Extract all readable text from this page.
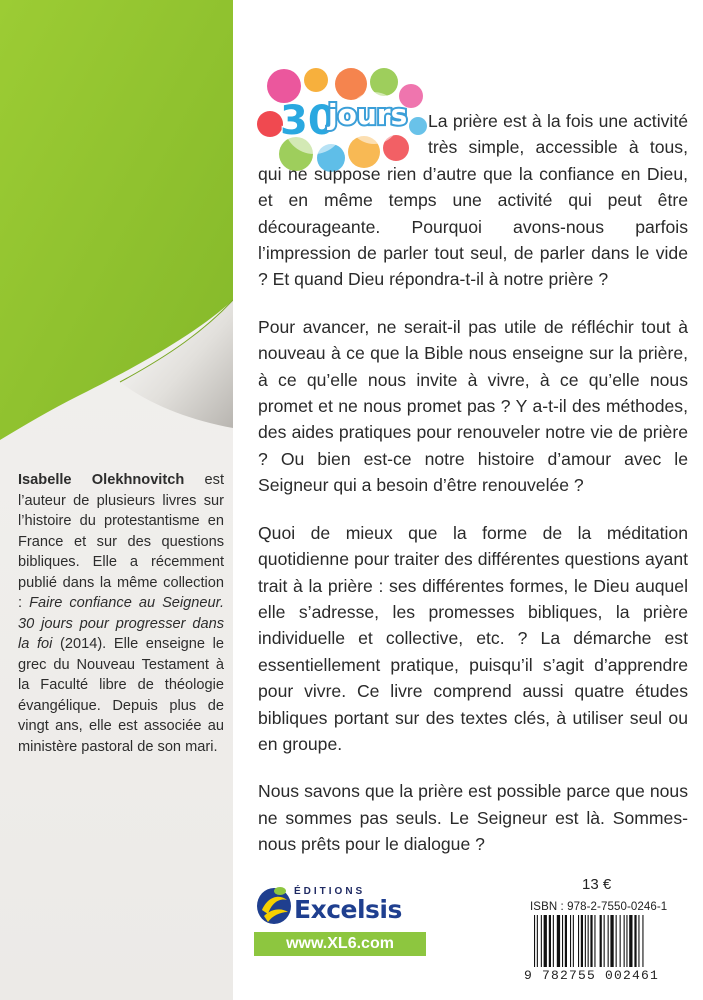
Isabelle Olekhnovitch est l’auteur de plusieurs livres sur l’histoire du protestantisme en France et sur des questions bibliques. Elle a récemment publié dans la même collection : Faire confiance au Seigneur. 30 jours pour progresser dans la foi (2014). Elle enseigne le grec du Nouveau Testament à la Faculté libre de théologie évangélique. Depuis plus de vingt ans, elle est associée au ministère pastoral de son mari.
30
jours	La prière est à la fois une activité très simple, accessible à tous, qui ne suppose rien d’autre que la confiance en Dieu, et en même temps une activité qui peut être décourageante. Pourquoi avons-nous parfois l’impression de parler tout seul, de parler dans le vide ? Et quand Dieu répondra-t-il à notre prière ?

Pour avancer, ne serait-il pas utile de réfléchir tout à nouveau à ce que la Bible nous enseigne sur la prière, à ce qu’elle nous invite à vivre, à ce qu’elle nous promet et ne nous promet pas ? Y a-t-il des méthodes, des aides pratiques pour renouveler notre vie de prière ? Ou bien est-ce notre histoire d’amour avec le Seigneur qui a besoin d’être renouvelée ?

Quoi de mieux que la forme de la méditation quotidienne pour traiter des différentes questions ayant trait à la prière : ses différentes formes, le Dieu auquel elle s’adresse, les promesses bibliques, la prière individuelle et collective, etc. ? La démarche est essentiellement pratique, puisqu’il s’agit d’apprendre pour vivre. Ce livre comprend aussi quatre études bibliques portant sur des textes clés, à utiliser seul ou en groupe.

Nous savons que la prière est possible parce que nous ne sommes pas seuls. Le Seigneur est là. Sommes-nous prêts pour le dialogue ?

ÉDITIONS
Excelsis
www.XL6.com
13 €
ISBN : 978-2-7550-0246-1
9 782755 002461
